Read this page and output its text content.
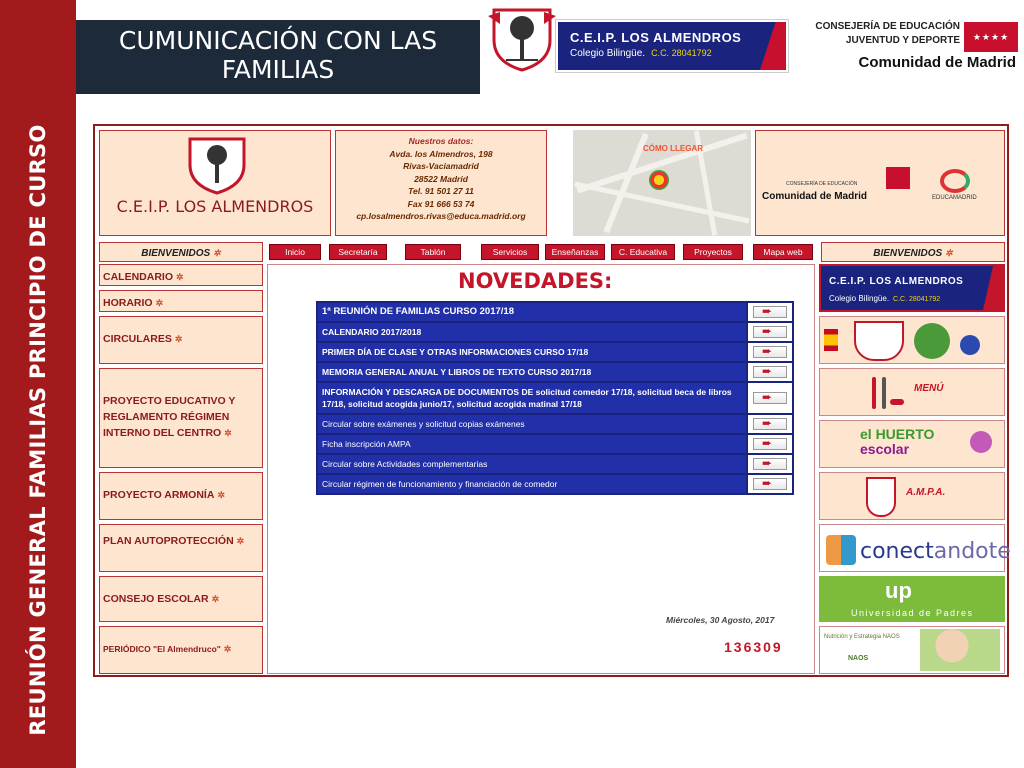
REUNIÓN GENERAL FAMILIAS PRINCIPIO DE CURSO
CUMUNICACIÓN CON LAS FAMILIAS
C.E.I.P. LOS ALMENDROS
Colegio Bilingüe. C.C. 28041792
CONSEJERÍA DE EDUCACIÓN JUVENTUD Y DEPORTE	★★★★
Comunidad de Madrid
C.E.I.P. LOS ALMENDROS
Nuestros datos:
Avda. los Almendros, 198
Rivas-Vaciamadrid
28522 Madrid
Tel. 91 501 27 11
Fax 91 666 53 74
cp.losalmendros.rivas@educa.madrid.org
CÓMO LLEGAR
CONSEJERÍA DE EDUCACIÓN
Comunidad de Madrid	EDUCAMADRID
BIENVENIDOS ✲	Inicio	Secretaría	Tablón	Servicios	Enseñanzas	C. Educativa	Proyectos	Mapa web	BIENVENIDOS ✲
CALENDARIO ✲
HORARIO ✲
CIRCULARES ✲
PROYECTO EDUCATIVO Y REGLAMENTO RÉGIMEN INTERNO DEL CENTRO ✲
PROYECTO ARMONÍA ✲
PLAN AUTOPROTECCIÓN ✲
CONSEJO ESCOLAR ✲
PERIÓDICO "El Almendruco" ✲
NOVEDADES:
1ª REUNIÓN DE FAMILIAS CURSO 2017/18
➨
CALENDARIO 2017/2018
➨
PRIMER DÍA DE CLASE Y OTRAS INFORMACIONES CURSO 17/18
➨
MEMORIA GENERAL ANUAL Y LIBROS DE TEXTO CURSO 2017/18
➨
INFORMACIÓN Y DESCARGA DE DOCUMENTOS DE solicitud comedor 17/18, solicitud beca de libros 17/18, solicitud acogida junio/17, solicitud acogida matinal 17/18
➨
Circular sobre exámenes y solicitud copias exámenes
➨
Ficha inscripción AMPA
➨
Circular sobre Actividades complementarias
➨
Circular régimen de funcionamiento y financiación de comedor
➨
Miércoles, 30 Agosto, 2017
136309
C.E.I.P. LOS ALMENDROS
Colegio Bilingüe. C.C. 28041792
MENÚ
el HUERTO
escolar
A.M.P.A.
conectandote
up
Universidad de Padres
Nutrición y Estrategia NAOS
NAOS
